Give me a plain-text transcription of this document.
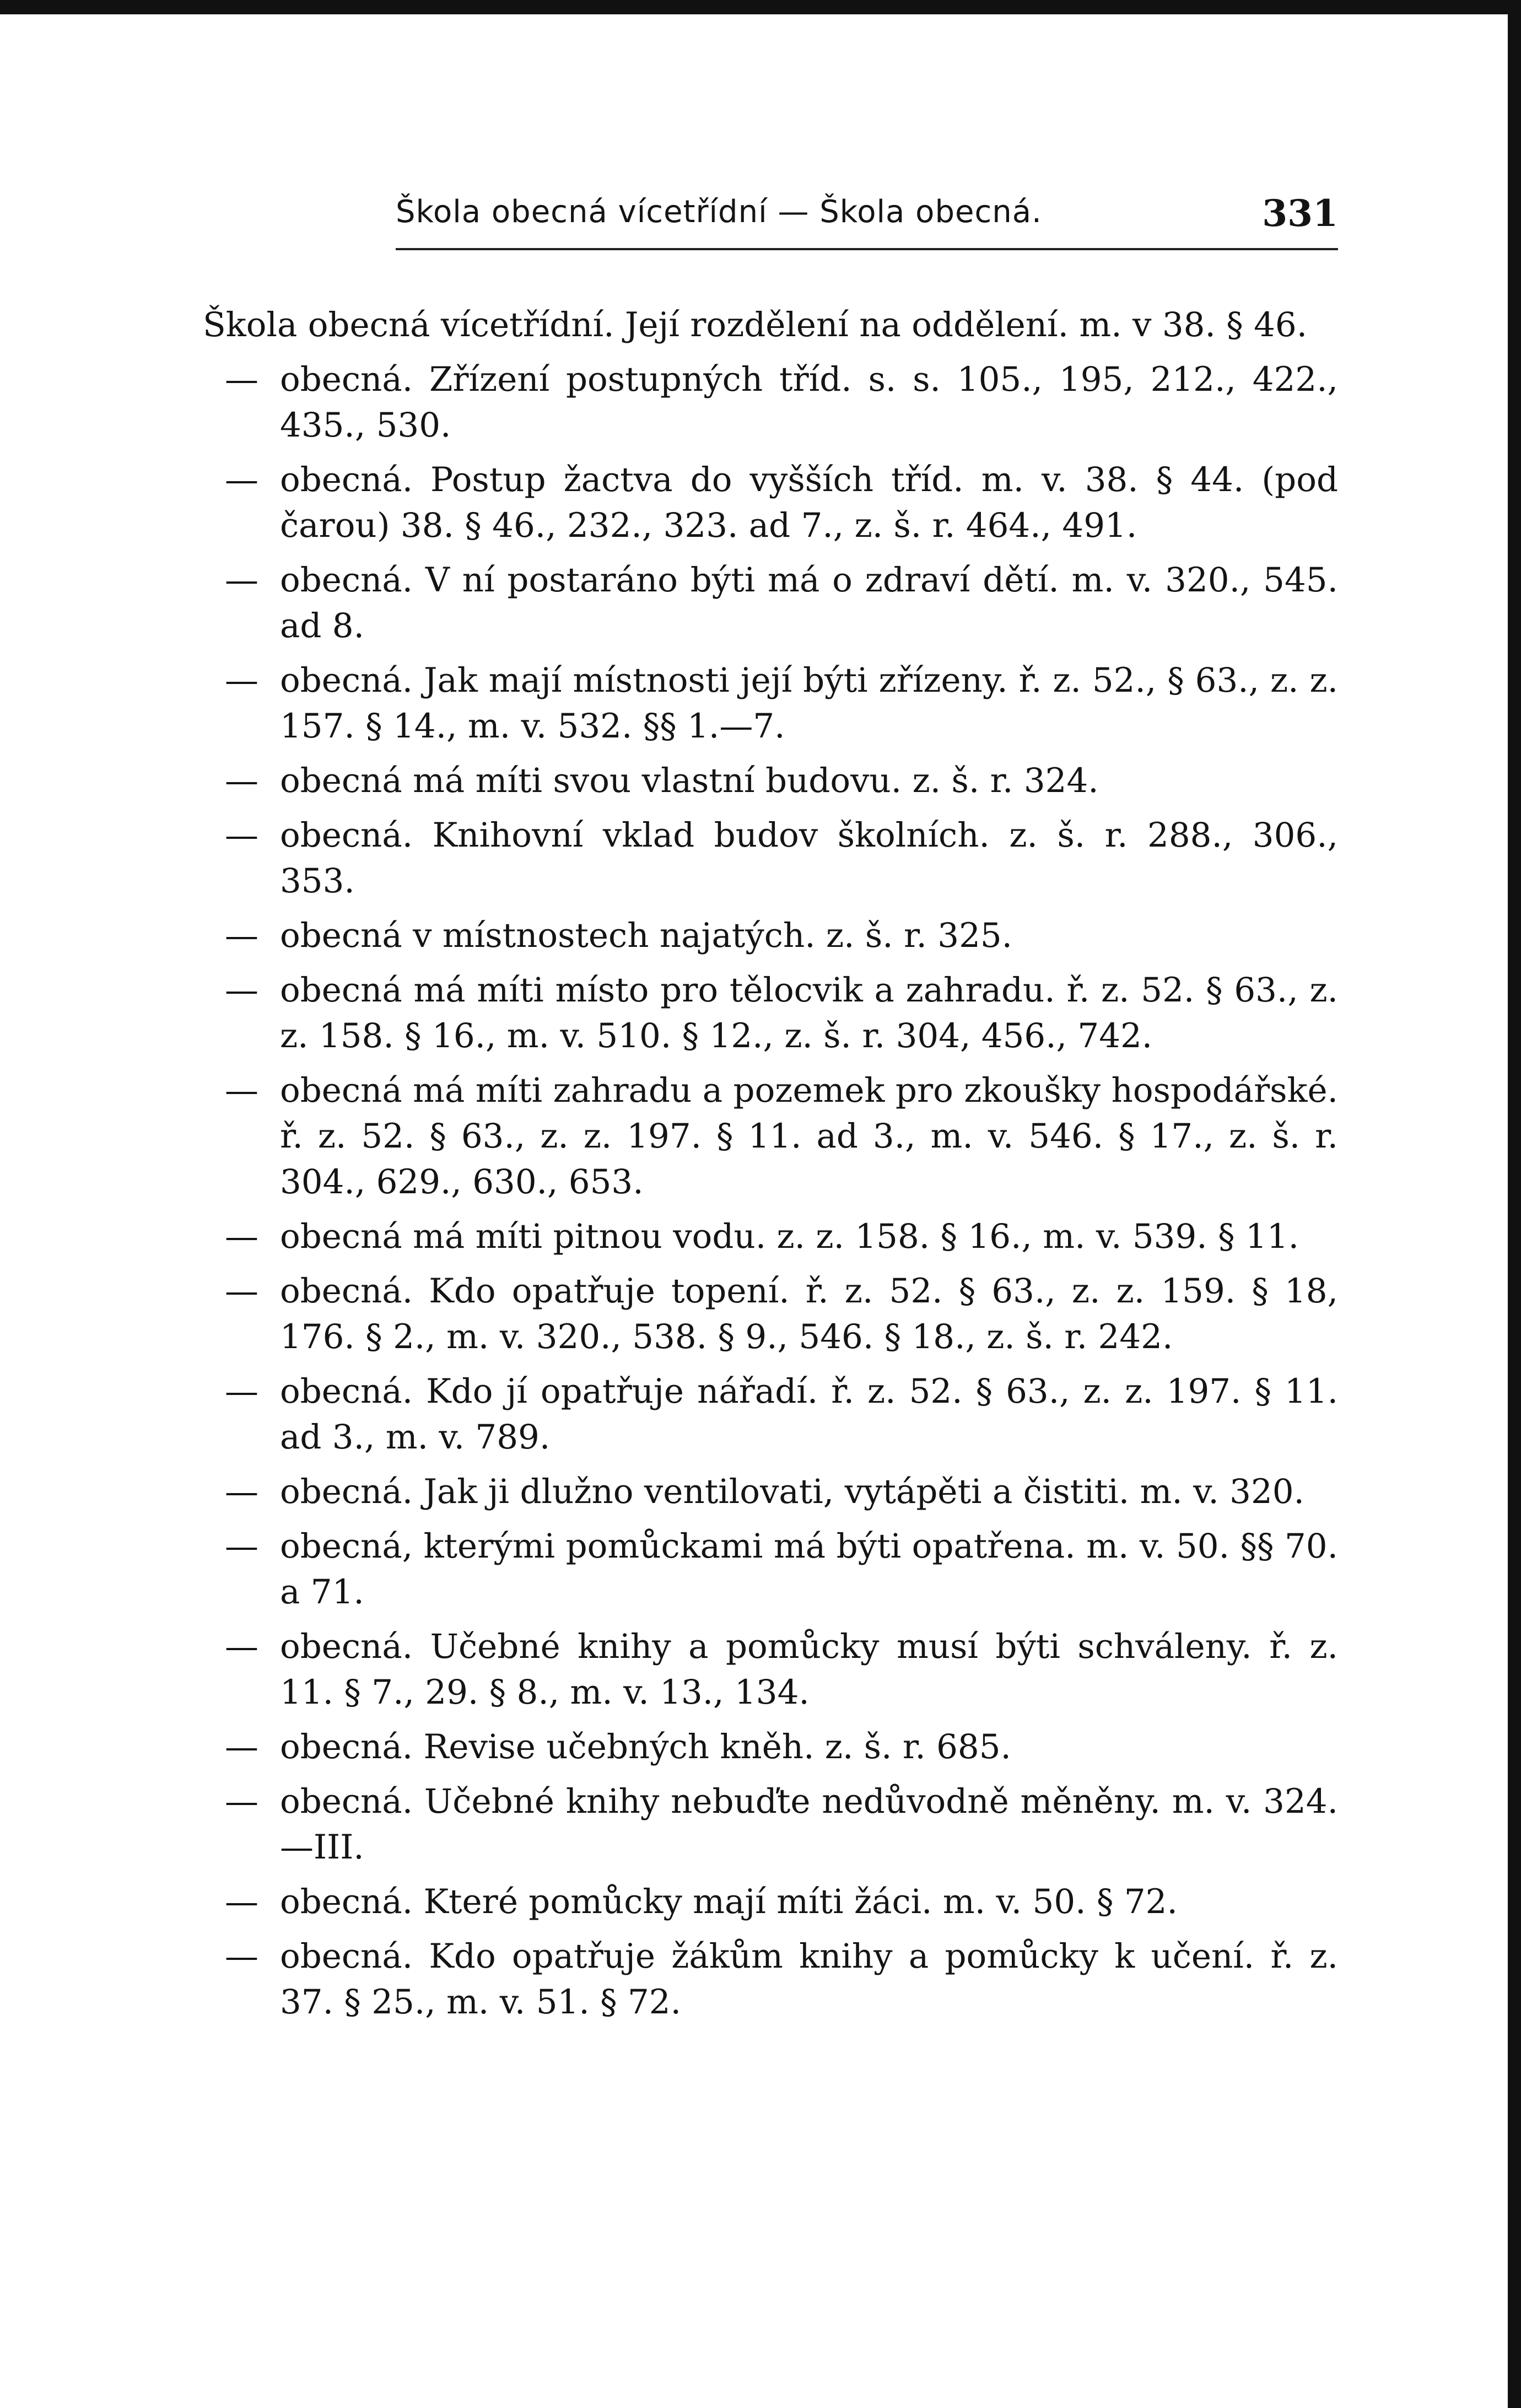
Škola obecná vícetřídní — Škola obecná.	331
Škola obecná vícetřídní. Její rozdělení na oddělení. m. v 38. § 46.
— obecná. Zřízení postupných tříd. s. s. 105., 195, 212., 422., 435., 530.
— obecná. Postup žactva do vyšších tříd. m. v. 38. § 44. (pod čarou) 38. § 46., 232., 323. ad 7., z. š. r. 464., 491.
— obecná. V ní postaráno býti má o zdraví dětí. m. v. 320., 545. ad 8.
— obecná. Jak mají místnosti její býti zřízeny. ř. z. 52., § 63., z. z. 157. § 14., m. v. 532. §§ 1.—7.
— obecná má míti svou vlastní budovu. z. š. r. 324.
— obecná. Knihovní vklad budov školních. z. š. r. 288., 306., 353.
— obecná v místnostech najatých. z. š. r. 325.
— obecná má míti místo pro tělocvik a zahradu. ř. z. 52. § 63., z. z. 158. § 16., m. v. 510. § 12., z. š. r. 304, 456., 742.
— obecná má míti zahradu a pozemek pro zkoušky hospodářské. ř. z. 52. § 63., z. z. 197. § 11. ad 3., m. v. 546. § 17., z. š. r. 304., 629., 630., 653.
— obecná má míti pitnou vodu. z. z. 158. § 16., m. v. 539. § 11.
— obecná. Kdo opatřuje topení. ř. z. 52. § 63., z. z. 159. § 18, 176. § 2., m. v. 320., 538. § 9., 546. § 18., z. š. r. 242.
— obecná. Kdo jí opatřuje nářadí. ř. z. 52. § 63., z. z. 197. § 11. ad 3., m. v. 789.
— obecná. Jak ji dlužno ventilovati, vytápěti a čistiti. m. v. 320.
— obecná, kterými pomůckami má býti opatřena. m. v. 50. §§ 70. a 71.
— obecná. Učebné knihy a pomůcky musí býti schváleny. ř. z. 11. § 7., 29. § 8., m. v. 13., 134.
— obecná. Revise učebných kněh. z. š. r. 685.
— obecná. Učebné knihy nebuďte nedůvodně měněny. m. v. 324.—III.
— obecná. Které pomůcky mají míti žáci. m. v. 50. § 72.
— obecná. Kdo opatřuje žákům knihy a pomůcky k učení. ř. z. 37. § 25., m. v. 51. § 72.
